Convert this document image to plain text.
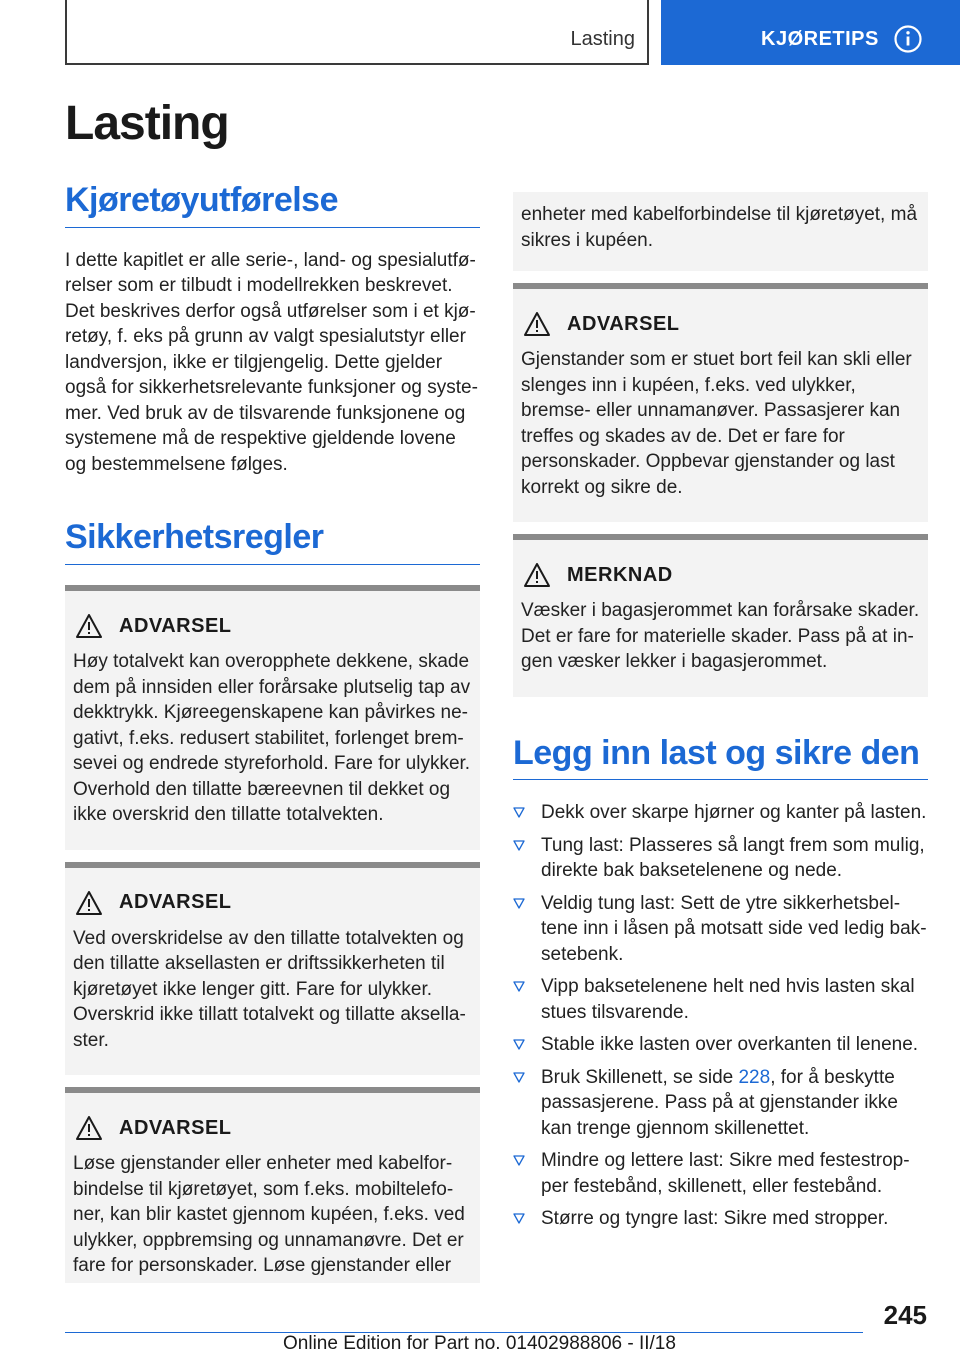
Lasting	KJØRETIPS
Lasting
Kjøretøyutførelse

I dette kapitlet er alle serie-, land- og spesialutførelser som er tilbudt i modellrekken beskrevet. Det beskrives derfor også utførelser som i et kjøretøy, f. eks på grunn av valgt spesialutstyr eller landversjon, ikke er tilgjengelig. Dette gjelder også for sikkerhetsrelevante funksjoner og systemer. Ved bruk av de tilsvarende funksjonene og systemene må de respektive gjeldende lovene og bestemmelsene følges.

Sikkerhetsregler
ADVARSEL

Høy totalvekt kan overopphete dekkene, skade dem på innsiden eller forårsake plutselig tap av dekktrykk. Kjøreegenskapene kan påvirkes negativt, f.eks. redusert stabilitet, forlenget bremsevei og endrede styreforhold. Fare for ulykker. Overhold den tillatte bæreevnen til dekket og ikke overskrid den tillatte totalvekten.

ADVARSEL

Ved overskridelse av den tillatte totalvekten og den tillatte aksellasten er driftssikkerheten til kjøretøyet ikke lenger gitt. Fare for ulykker. Overskrid ikke tillatt totalvekt og tillatte aksellaster.

ADVARSEL

Løse gjenstander eller enheter med kabelforbindelse til kjøretøyet, som f.eks. mobiltelefoner, kan blir kastet gjennom kupéen, f.eks. ved ulykker, oppbremsing og unnamanøvre. Det er fare for personskader. Løse gjenstander eller

enheter med kabelforbindelse til kjøretøyet, må sikres i kupéen.

ADVARSEL

Gjenstander som er stuet bort feil kan skli eller slenges inn i kupéen, f.eks. ved ulykker, bremse- eller unnamanøver. Passasjerer kan treffes og skades av de. Det er fare for personskader. Oppbevar gjenstander og last korrekt og sikre de.

MERKNAD

Væsker i bagasjerommet kan forårsake skader. Det er fare for materielle skader. Pass på at ingen væsker lekker i bagasjerommet.

Legg inn last og sikre den
Dekk over skarpe hjørner og kanter på lasten.
Tung last: Plasseres så langt frem som mulig, direkte bak baksetelenene og nede.
Veldig tung last: Sett de ytre sikkerhetsbeltene inn i låsen på motsatt side ved ledig baksetebenk.
Vipp baksetelenene helt ned hvis lasten skal stues tilsvarende.
Stable ikke lasten over overkanten til lenene.
Bruk Skillenett, se side 228, for å beskytte passasjerene. Pass på at gjenstander ikke kan trenge gjennom skillenettet.
Mindre og lettere last: Sikre med festestropper festebånd, skillenett, eller festebånd.
Større og tyngre last: Sikre med stropper.
245
Online Edition for Part no. 01402988806 - II/18
